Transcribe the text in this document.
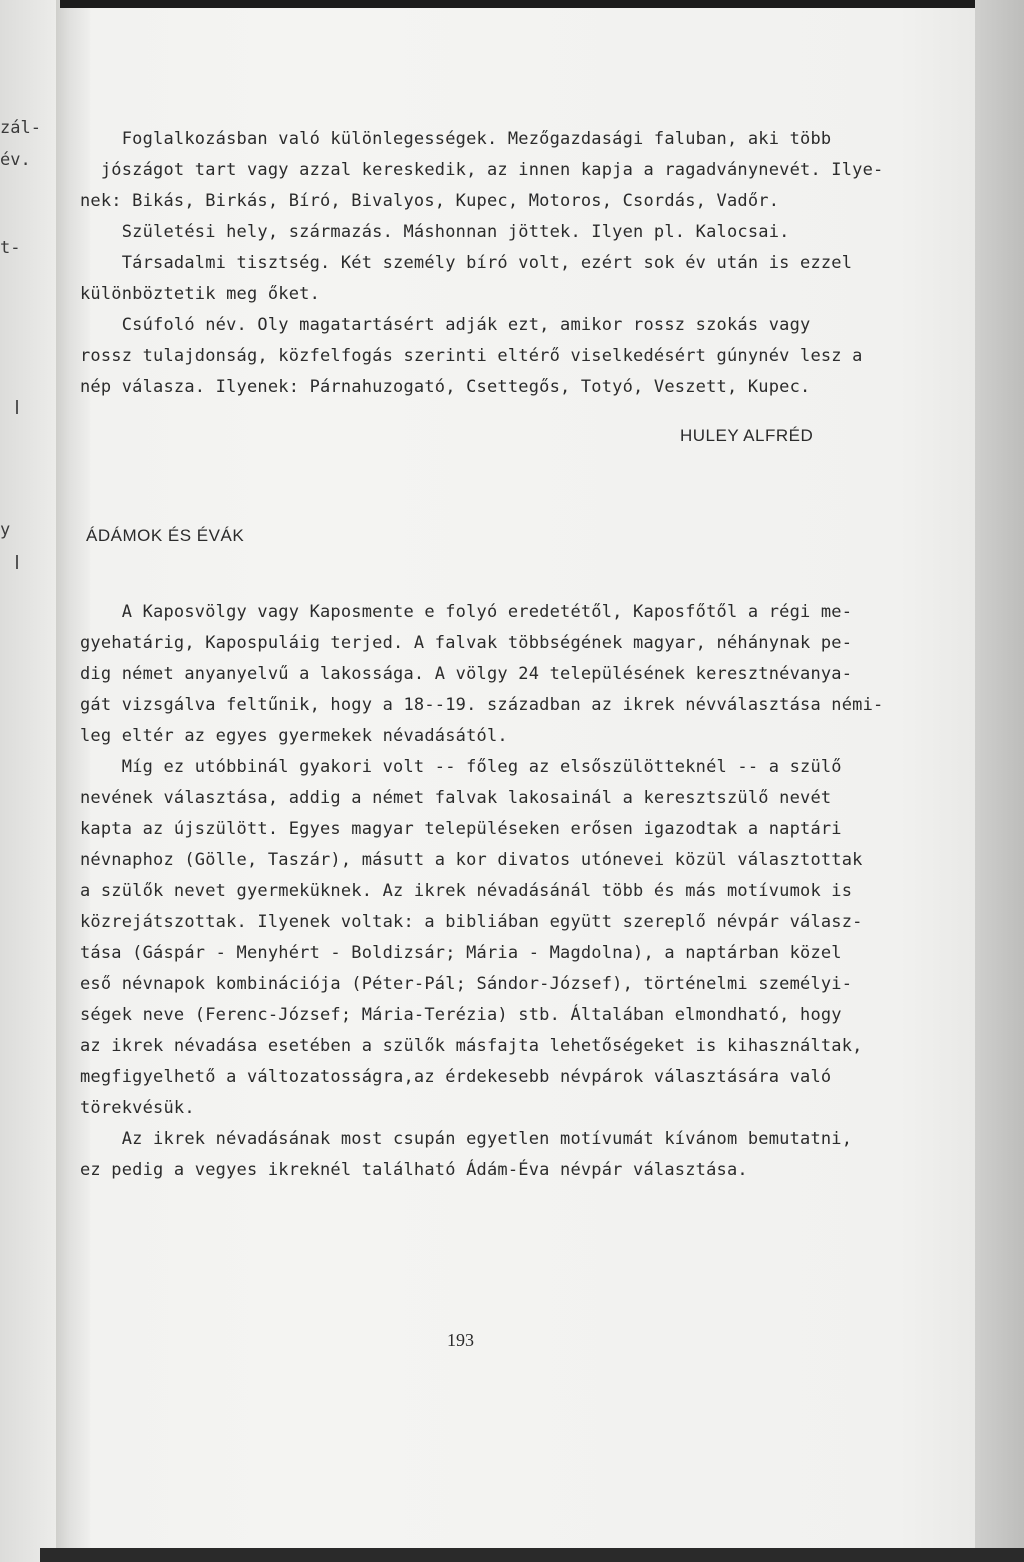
zál-
év.
t-
y
Foglalkozásban való különlegességek. Mezőgazdasági faluban, aki több
jószágot tart vagy azzal kereskedik, az innen kapja a ragadványnevét. Ilye-
nek: Bikás, Birkás, Bíró, Bivalyos, Kupec, Motoros, Csordás, Vadőr.
Születési hely, származás. Máshonnan jöttek. Ilyen pl. Kalocsai.
Társadalmi tisztség. Két személy bíró volt, ezért sok év után is ezzel
különböztetik meg őket.
Csúfoló név. Oly magatartásért adják ezt, amikor rossz szokás vagy
rossz tulajdonság, közfelfogás szerinti eltérő viselkedésért gúnynév lesz a
nép válasza. Ilyenek: Párnahuzogató, Csettegős, Totyó, Veszett, Kupec.
HULEY ALFRÉD
ÁDÁMOK ÉS ÉVÁK
A Kaposvölgy vagy Kaposmente e folyó eredetétől, Kaposfőtől a régi me-
gyehatárig, Kapospuláig terjed. A falvak többségének magyar, néhánynak pe-
dig német anyanyelvű a lakossága. A völgy 24 településének keresztnévanya-
gát vizsgálva feltűnik, hogy a 18--19. században az ikrek névválasztása némi-
leg eltér az egyes gyermekek névadásától.
Míg ez utóbbinál gyakori volt -- főleg az elsőszülötteknél -- a szülő
nevének választása, addig a német falvak lakosainál a keresztszülő nevét
kapta az újszülött. Egyes magyar településeken erősen igazodtak a naptári
névnaphoz (Gölle, Taszár), másutt a kor divatos utónevei közül választottak
a szülők nevet gyermeküknek. Az ikrek névadásánál több és más motívumok is
közrejátszottak. Ilyenek voltak: a bibliában együtt szereplő névpár válasz-
tása (Gáspár - Menyhért - Boldizsár; Mária - Magdolna), a naptárban közel
eső névnapok kombinációja (Péter-Pál; Sándor-József), történelmi személyi-
ségek neve (Ferenc-József; Mária-Terézia) stb. Általában elmondható, hogy
az ikrek névadása esetében a szülők másfajta lehetőségeket is kihasználtak,
megfigyelhető a változatosságra,az érdekesebb névpárok választására való
törekvésük.
Az ikrek névadásának most csupán egyetlen motívumát kívánom bemutatni,
ez pedig a vegyes ikreknél található Ádám-Éva névpár választása.
193
